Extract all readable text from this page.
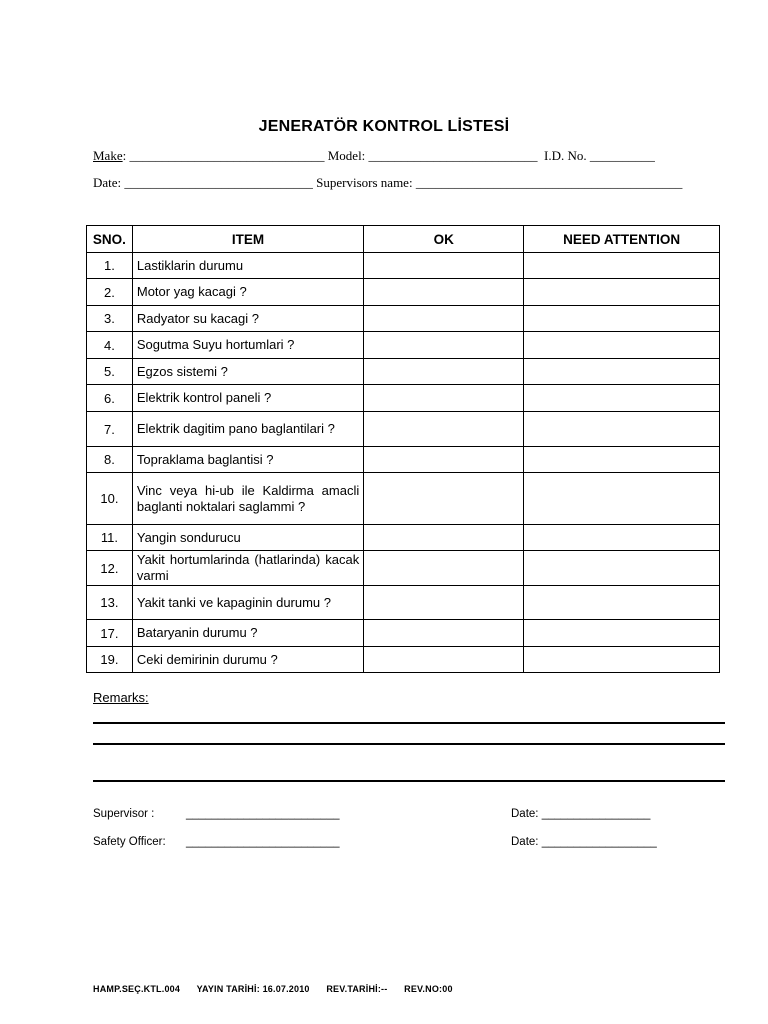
JENERATÖR KONTROL LİSTESİ
Make: ______________________________ Model: __________________________ I.D. No. __________
Date: _____________________________ Supervisors name: _________________________________________
SNO.	ITEM	OK	NEED ATTENTION
1.	Lastiklarin durumu		
2.	Motor yag kacagi ?		
3.	Radyator su kacagi ?		
4.	Sogutma Suyu hortumlari ?		
5.	Egzos sistemi ?		
6.	Elektrik kontrol paneli ?		
7.	Elektrik dagitim pano baglantilari ?		
8.	Topraklama baglantisi ?		
10.	Vinc veya hi-ub ile Kaldirma amacli baglanti noktalari saglammi ?		
11.	Yangin sondurucu		
12.	Yakit hortumlarinda (hatlarinda) kacak varmi		
13.	Yakit tanki ve kapaginin durumu ?		
17.	Bataryanin durumu ?		
19.	Ceki demirinin durumu ?		
Remarks:
Supervisor :	________________________	Date: _________________
Safety Officer: ________________________	Date: __________________
HAMP.SEÇ.KTL.004 YAYIN TARİHİ: 16.07.2010 REV.TARİHİ:-- REV.NO:00
